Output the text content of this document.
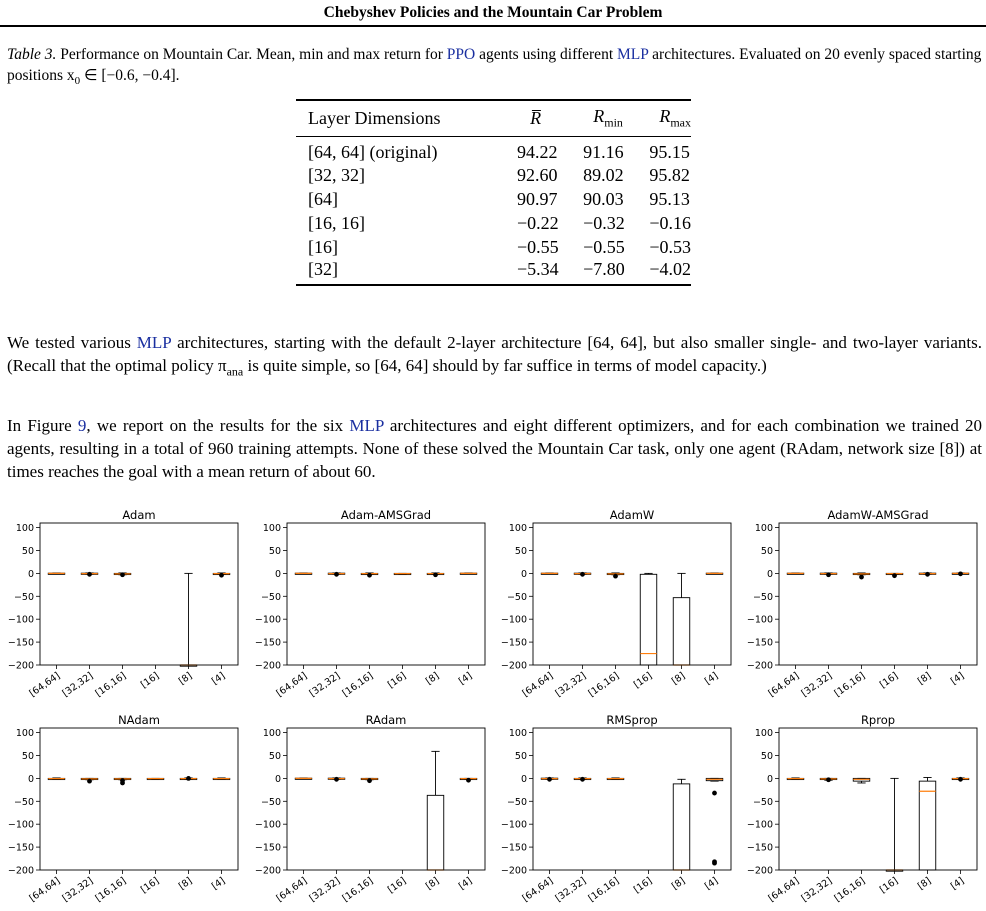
Chebyshev Policies and the Mountain Car Problem
Table 3. Performance on Mountain Car. Mean, min and max return for PPO agents using different MLP architectures. Evaluated on 20 evenly spaced starting positions $x_0$ ∈ [−0.6, −0.4].
Layer Dimensions	R̅	$R_{min}$	$R_{max}$
[64, 64] (original)	94.22	91.16	95.15
[32, 32]	92.60	89.02	95.82
[64]	90.97	90.03	95.13
[16, 16]	−0.22	−0.32	−0.16
[16]	−0.55	−0.55	−0.53
[32]	−5.34	−7.80	−4.02
We tested various MLP architectures, starting with the default 2-layer architecture [64, 64], but also smaller single- and two-layer variants. (Recall that the optimal policy $\pi_{ana}$ is quite simple, so [64, 64] should by far suffice in terms of model capacity.)
In Figure 9, we report on the results for the six MLP architectures and eight different optimizers, and for each combination we trained 20 agents, resulting in a total of 960 training attempts. None of these solved the Mountain Car task, only one agent (RAdam, network size [8]) at times reaches the goal with a mean return of about 60.
Adam
100
50
0
−50
−100
−150
−200
[64,64]
[32,32]
[16,16] [16] [8] [4]
Adam-AMSGrad
100
50
0
−50
−100
−150
−200
[64,64]
[32,32]
[16,16] [16] [8] [4]
AdamW
100
50
0
−50
−100
−150
−200
[64,64]
[32,32]
[16,16] [16] [8] [4]
AdamW-AMSGrad
100
50
0
−50
−100
−150
−200
[64,64]
[32,32]
[16,16] [16] [8] [4]
NAdam
100
50
0
−50
−100
−150
−200
[64,64]
[32,32]
[16,16] [16] [8] [4]
RAdam
100
50
0
−50
−100
−150
−200
[64,64]
[32,32]
[16,16] [16] [8] [4]
RMSprop
100
50
0
−50
−100
−150
−200
[64,64]
[32,32]
[16,16] [16] [8] [4]
Rprop
100
50
0
−50
−100
−150
−200
[64,64]
[32,32]
[16,16] [16] [8] [4]
